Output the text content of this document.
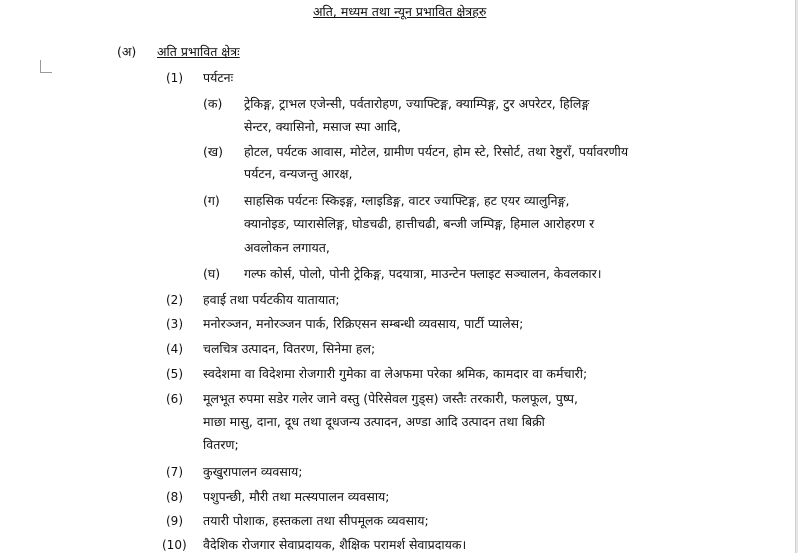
अति, मध्यम तथा न्यून प्रभावित क्षेत्रहरु
(अ) अति प्रभावित क्षेत्रः
(1) पर्यटनः
(क) ट्रेकिङ्ग, ट्राभल एजेन्सी, पर्वतारोहण, ज्याफ्टिङ्ग, क्याम्पिङ्ग, टुर अपरेटर, हिलिङ्ग
सेन्टर, क्यासिनो, मसाज स्पा आदि,
(ख) होटल, पर्यटक आवास, मोटेल, ग्रामीण पर्यटन, होम स्टे, रिसोर्ट, तथा रेष्टुराँ, पर्यावरणीय
पर्यटन, वन्यजन्तु आरक्ष,
(ग) साहसिक पर्यटनः स्किइङ्ग, ग्लाइडिङ्ग, वाटर ज्याफ्टिङ्ग, हट एयर व्यालुनिङ्ग,
क्यानोइङ, प्यारासेलिङ्ग, घोडचढी, हात्तीचढी, बन्जी जम्पिङ्ग, हिमाल आरोहरण र
अवलोकन लगायत,
(घ) गल्फ कोर्स, पोलो, पोनी ट्रेकिङ्ग, पदयात्रा, माउन्टेन फ्लाइट सञ्चालन, केवलकार।
(2) हवाई तथा पर्यटकीय यातायात;
(3) मनोरञ्जन, मनोरञ्जन पार्क, रिक्रिएसन सम्बन्धी व्यवसाय, पार्टी प्यालेस;
(4) चलचित्र उत्पादन, वितरण, सिनेमा हल;
(5) स्वदेशमा वा विदेशमा रोजगारी गुमेका वा लेअफमा परेका श्रमिक, कामदार वा कर्मचारी;
(6) मूलभूत रुपमा सडेर गलेर जाने वस्तु (पेरिसेवल गुड्स) जस्तैः तरकारी, फलफूल, पुष्प,
माछा मासु, दाना, दूध तथा दूधजन्य उत्पादन, अण्डा आदि उत्पादन तथा बिक्री
वितरण;
(7) कुखुरापालन व्यवसाय;
(8) पशुपन्छी, मौरी तथा मत्स्यपालन व्यवसाय;
(9) तयारी पोशाक, हस्तकला तथा सीपमूलक व्यवसाय;
(10) वैदेशिक रोजगार सेवाप्रदायक, शैक्षिक परामर्श सेवाप्रदायक।
